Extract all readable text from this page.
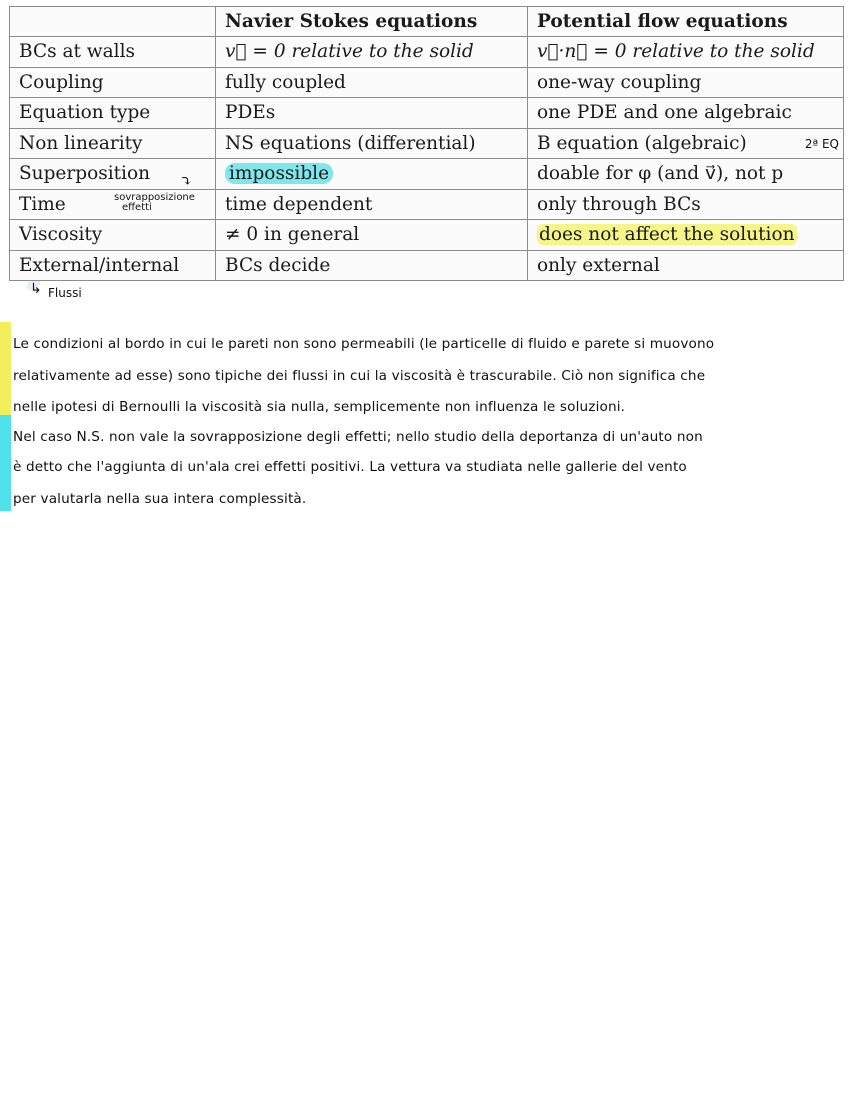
	Navier Stokes equations	Potential flow equations
BCs at walls	v⃗ = 0 relative to the solid	v⃗·n⃗ = 0 relative to the solid
Coupling	fully coupled	one-way coupling
Equation type	PDEs	one PDE and one algebraic
Non linearity	NS equations (differential)	B equation (algebraic) 2ª EQ

Superposition	impossible	doable for φ (and v⃗), not p
Time	time dependent	only through BCs
Viscosity	≠ 0 in general	does not affect the solution
External/internal	BCs decide	only external
sovrapposizione
effetti
⤵
↳ Flussi
Le condizioni al bordo in cui le pareti non sono permeabili (le particelle di fluido e parete si muovono
relativamente ad esse) sono tipiche dei flussi in cui la viscosità è trascurabile. Ciò non significa che
nelle ipotesi di Bernoulli la viscosità sia nulla, semplicemente non influenza le soluzioni.
Nel caso N.S. non vale la sovrapposizione degli effetti; nello studio della deportanza di un'auto non
è detto che l'aggiunta di un'ala crei effetti positivi. La vettura va studiata nelle gallerie del vento
per valutarla nella sua intera complessità.
